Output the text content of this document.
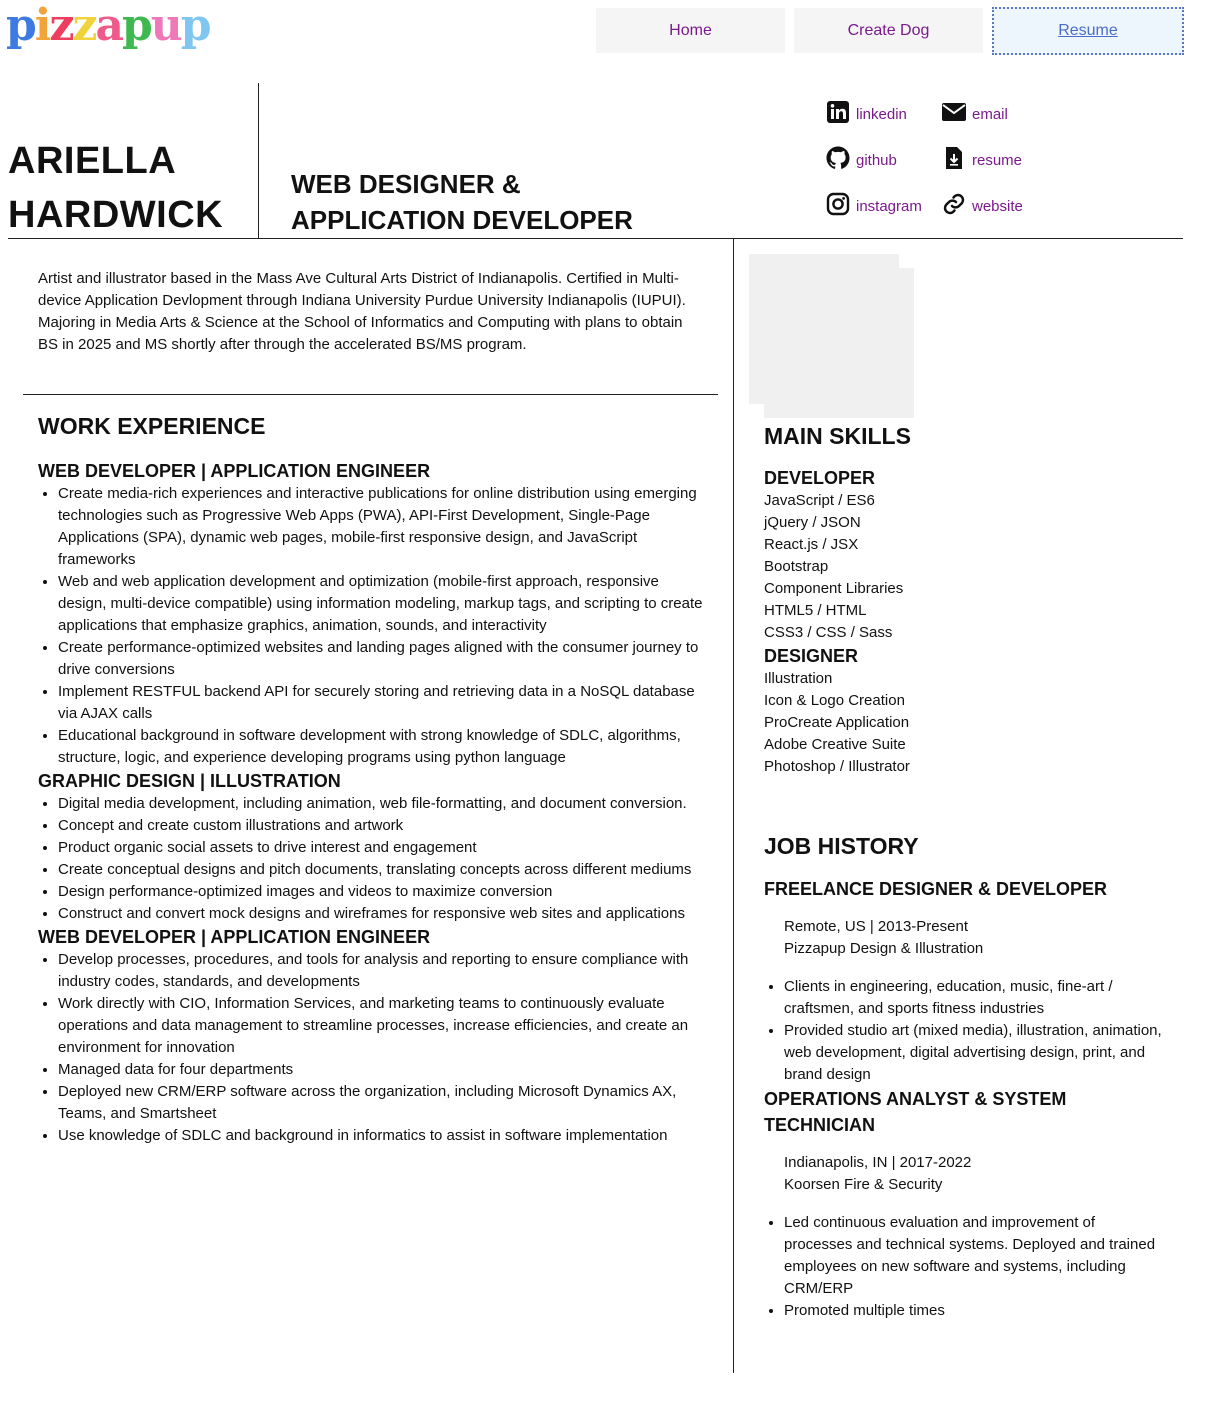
pizzapup	Home	Create Dog	Resume
ARIELLA
HARDWICK
WEB DESIGNER &
APPLICATION DEVELOPER
linkedin	email
github	resume
instagram	website

Artist and illustrator based in the Mass Ave Cultural Arts District of Indianapolis. Certified in Multi-device Application Devlopment through Indiana University Purdue University Indianapolis (IUPUI). Majoring in Media Arts & Science at the School of Informatics and Computing with plans to obtain BS in 2025 and MS shortly after through the accelerated BS/MS program.

WORK EXPERIENCE
WEB DEVELOPER | APPLICATION ENGINEER
• Create media-rich experiences and interactive publications for online distribution using emerging technologies such as Progressive Web Apps (PWA), API-First Development, Single-Page Applications (SPA), dynamic web pages, mobile-first responsive design, and JavaScript frameworks
• Web and web application development and optimization (mobile-first approach, responsive design, multi-device compatible) using information modeling, markup tags, and scripting to create applications that emphasize graphics, animation, sounds, and interactivity
• Create performance-optimized websites and landing pages aligned with the consumer journey to drive conversions
• Implement RESTFUL backend API for securely storing and retrieving data in a NoSQL database via AJAX calls
• Educational background in software development with strong knowledge of SDLC, algorithms, structure, logic, and experience developing programs using python language
GRAPHIC DESIGN | ILLUSTRATION
• Digital media development, including animation, web file-formatting, and document conversion.
• Concept and create custom illustrations and artwork
• Product organic social assets to drive interest and engagement
• Create conceptual designs and pitch documents, translating concepts across different mediums
• Design performance-optimized images and videos to maximize conversion
• Construct and convert mock designs and wireframes for responsive web sites and applications
WEB DEVELOPER | APPLICATION ENGINEER
• Develop processes, procedures, and tools for analysis and reporting to ensure compliance with industry codes, standards, and developments
• Work directly with CIO, Information Services, and marketing teams to continuously evaluate operations and data management to streamline processes, increase efficiencies, and create an environment for innovation
• Managed data for four departments
• Deployed new CRM/ERP software across the organization, including Microsoft Dynamics AX, Teams, and Smartsheet
• Use knowledge of SDLC and background in informatics to assist in software implementation
MAIN SKILLS
DEVELOPER
JavaScript / ES6
jQuery / JSON
React.js / JSX
Bootstrap
Component Libraries
HTML5 / HTML
CSS3 / CSS / Sass
DESIGNER
Illustration
Icon & Logo Creation
ProCreate Application
Adobe Creative Suite
Photoshop / Illustrator
JOB HISTORY
FREELANCE DESIGNER & DEVELOPER
Remote, US | 2013-Present
Pizzapup Design & Illustration
• Clients in engineering, education, music, fine-art / craftsmen, and sports fitness industries
• Provided studio art (mixed media), illustration, animation, web development, digital advertising design, print, and brand design
OPERATIONS ANALYST & SYSTEM TECHNICIAN
Indianapolis, IN | 2017-2022
Koorsen Fire & Security
• Led continuous evaluation and improvement of processes and technical systems. Deployed and trained employees on new software and systems, including CRM/ERP
• Promoted multiple times
